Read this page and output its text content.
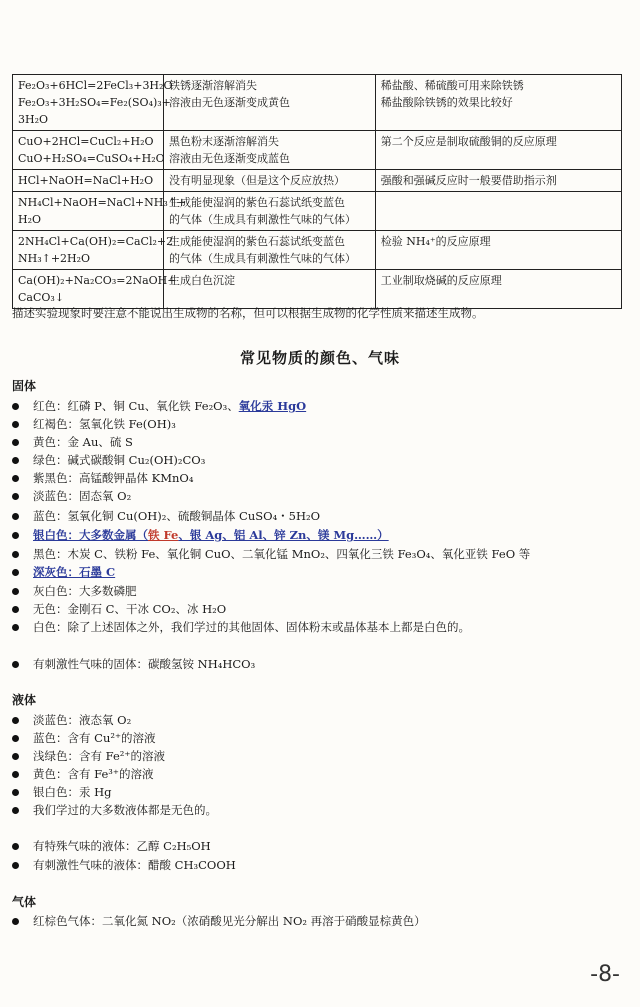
Fe₂O₃+6HCl=2FeCl₃+3H₂O
Fe₂O₃+3H₂SO₄=Fe₂(SO₄)₃+
3H₂O	铁锈逐渐溶解消失
溶液由无色逐渐变成黄色	稀盐酸、稀硫酸可用来除铁锈
稀盐酸除铁锈的效果比较好

CuO+2HCl=CuCl₂+H₂O
CuO+H₂SO₄=CuSO₄+H₂O	黑色粉末逐渐溶解消失
溶液由无色逐渐变成蓝色	第二个反应是制取硫酸铜的反应原理

HCl+NaOH=NaCl+H₂O	没有明显现象（但是这个反应放热）	强酸和强碱反应时一般要借助指示剂

NH₄Cl+NaOH=NaCl+NH₃↑+
H₂O	生成能使湿润的紫色石蕊试纸变蓝色
的气体（生成具有刺激性气味的气体）	

2NH₄Cl+Ca(OH)₂=CaCl₂+2
NH₃↑+2H₂O	生成能使湿润的紫色石蕊试纸变蓝色
的气体（生成具有刺激性气味的气体）	检验 NH₄⁺的反应原理

Ca(OH)₂+Na₂CO₃=2NaOH+
CaCO₃↓	生成白色沉淀	工业制取烧碱的反应原理
描述实验现象时要注意不能说出生成物的名称，但可以根据生成物的化学性质来描述生成物。
常见物质的颜色、气味
固体
红色：红磷 P、铜 Cu、氧化铁 Fe₂O₃、氧化汞 HgO
红褐色：氢氧化铁 Fe(OH)₃
黄色：金 Au、硫 S
绿色：碱式碳酸铜 Cu₂(OH)₂CO₃
紫黑色：高锰酸钾晶体 KMnO₄
淡蓝色：固态氧 O₂
蓝色：氢氧化铜 Cu(OH)₂、硫酸铜晶体 CuSO₄・5H₂O
银白色：大多数金属（铁 Fe、银 Ag、铝 Al、锌 Zn、镁 Mg……）
黑色：木炭 C、铁粉 Fe、氧化铜 CuO、二氧化锰 MnO₂、四氧化三铁 Fe₃O₄、氧化亚铁 FeO 等
深灰色：石墨 C
灰白色：大多数磷肥
无色：金刚石 C、干冰 CO₂、冰 H₂O
白色：除了上述固体之外，我们学过的其他固体、固体粉末或晶体基本上都是白色的。
有刺激性气味的固体：碳酸氢铵 NH₄HCO₃
液体
淡蓝色：液态氧 O₂
蓝色：含有 Cu²⁺的溶液
浅绿色：含有 Fe²⁺的溶液
黄色：含有 Fe³⁺的溶液
银白色：汞 Hg
我们学过的大多数液体都是无色的。
有特殊气味的液体：乙醇 C₂H₅OH
有刺激性气味的液体：醋酸 CH₃COOH
气体
红棕色气体：二氧化氮 NO₂（浓硝酸见光分解出 NO₂ 再溶于硝酸显棕黄色）
-8-
